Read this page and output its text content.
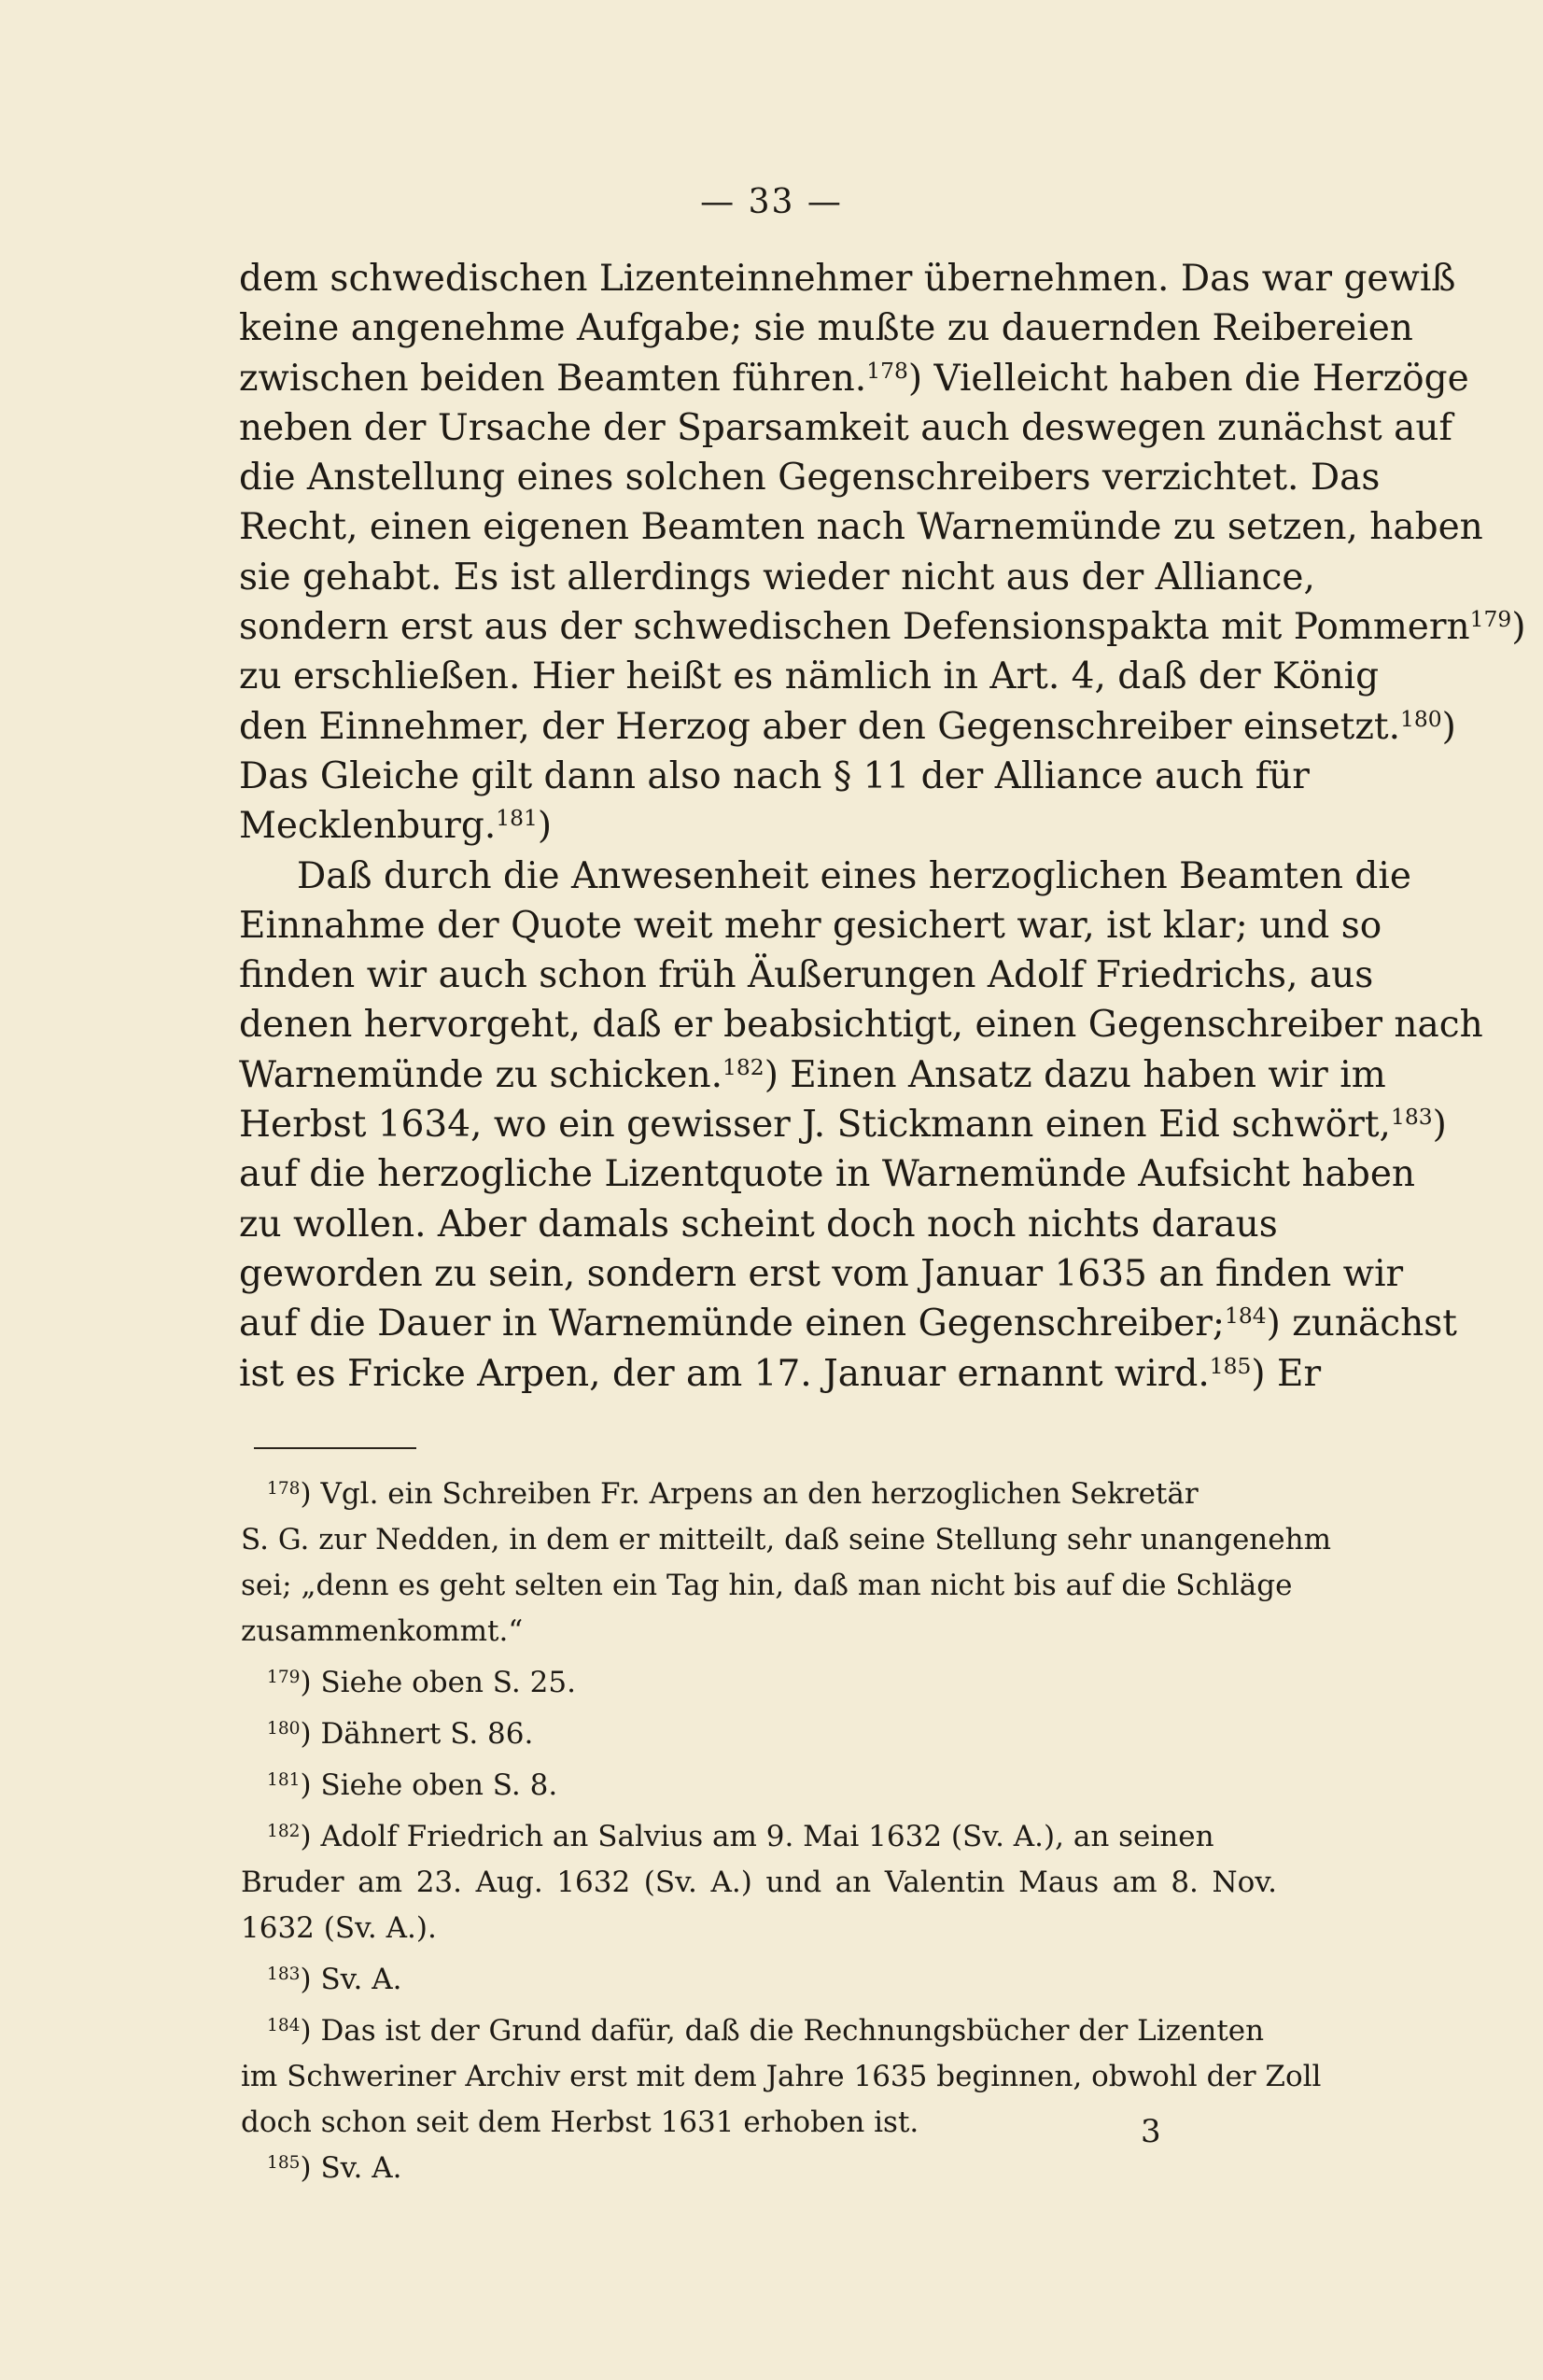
— 33 —
dem schwedischen Lizenteinnehmer übernehmen. Das war gewiß
keine angenehme Aufgabe; sie mußte zu dauernden Reibereien
zwischen beiden Beamten führen.$^{178}$) Vielleicht haben die Herzöge
neben der Ursache der Sparsamkeit auch deswegen zunächst auf
die Anstellung eines solchen Gegenschreibers verzichtet. Das
Recht, einen eigenen Beamten nach Warnemünde zu setzen, haben
sie gehabt. Es ist allerdings wieder nicht aus der Alliance,
sondern erst aus der schwedischen Defensionspakta mit Pommern$^{179}$)
zu erschließen. Hier heißt es nämlich in Art. 4, daß der König
den Einnehmer, der Herzog aber den Gegenschreiber einsetzt.$^{180}$)
Das Gleiche gilt dann also nach § 11 der Alliance auch für
Mecklenburg.$^{181}$)
Daß durch die Anwesenheit eines herzoglichen Beamten die
Einnahme der Quote weit mehr gesichert war, ist klar; und so
finden wir auch schon früh Äußerungen Adolf Friedrichs, aus
denen hervorgeht, daß er beabsichtigt, einen Gegenschreiber nach
Warnemünde zu schicken.$^{182}$) Einen Ansatz dazu haben wir im
Herbst 1634, wo ein gewisser J. Stickmann einen Eid schwört,$^{183}$)
auf die herzogliche Lizentquote in Warnemünde Aufsicht haben
zu wollen. Aber damals scheint doch noch nichts daraus
geworden zu sein, sondern erst vom Januar 1635 an finden wir
auf die Dauer in Warnemünde einen Gegenschreiber;$^{184}$) zunächst
ist es Fricke Arpen, der am 17. Januar ernannt wird.$^{185}$) Er
$^{178}$) Vgl. ein Schreiben Fr. Arpens an den herzoglichen Sekretär
S. G. zur Nedden, in dem er mitteilt, daß seine Stellung sehr unangenehm
sei; „denn es geht selten ein Tag hin, daß man nicht bis auf die Schläge
zusammenkommt.“
$^{179}$) Siehe oben S. 25.
$^{180}$) Dähnert S. 86.
$^{181}$) Siehe oben S. 8.
$^{182}$) Adolf Friedrich an Salvius am 9. Mai 1632 (Sv. A.), an seinen
Bruder am 23. Aug. 1632 (Sv. A.) und an Valentin Maus am 8. Nov.
1632 (Sv. A.).
$^{183}$) Sv. A.
$^{184}$) Das ist der Grund dafür, daß die Rechnungsbücher der Lizenten
im Schweriner Archiv erst mit dem Jahre 1635 beginnen, obwohl der Zoll
doch schon seit dem Herbst 1631 erhoben ist.
$^{185}$) Sv. A.
3
